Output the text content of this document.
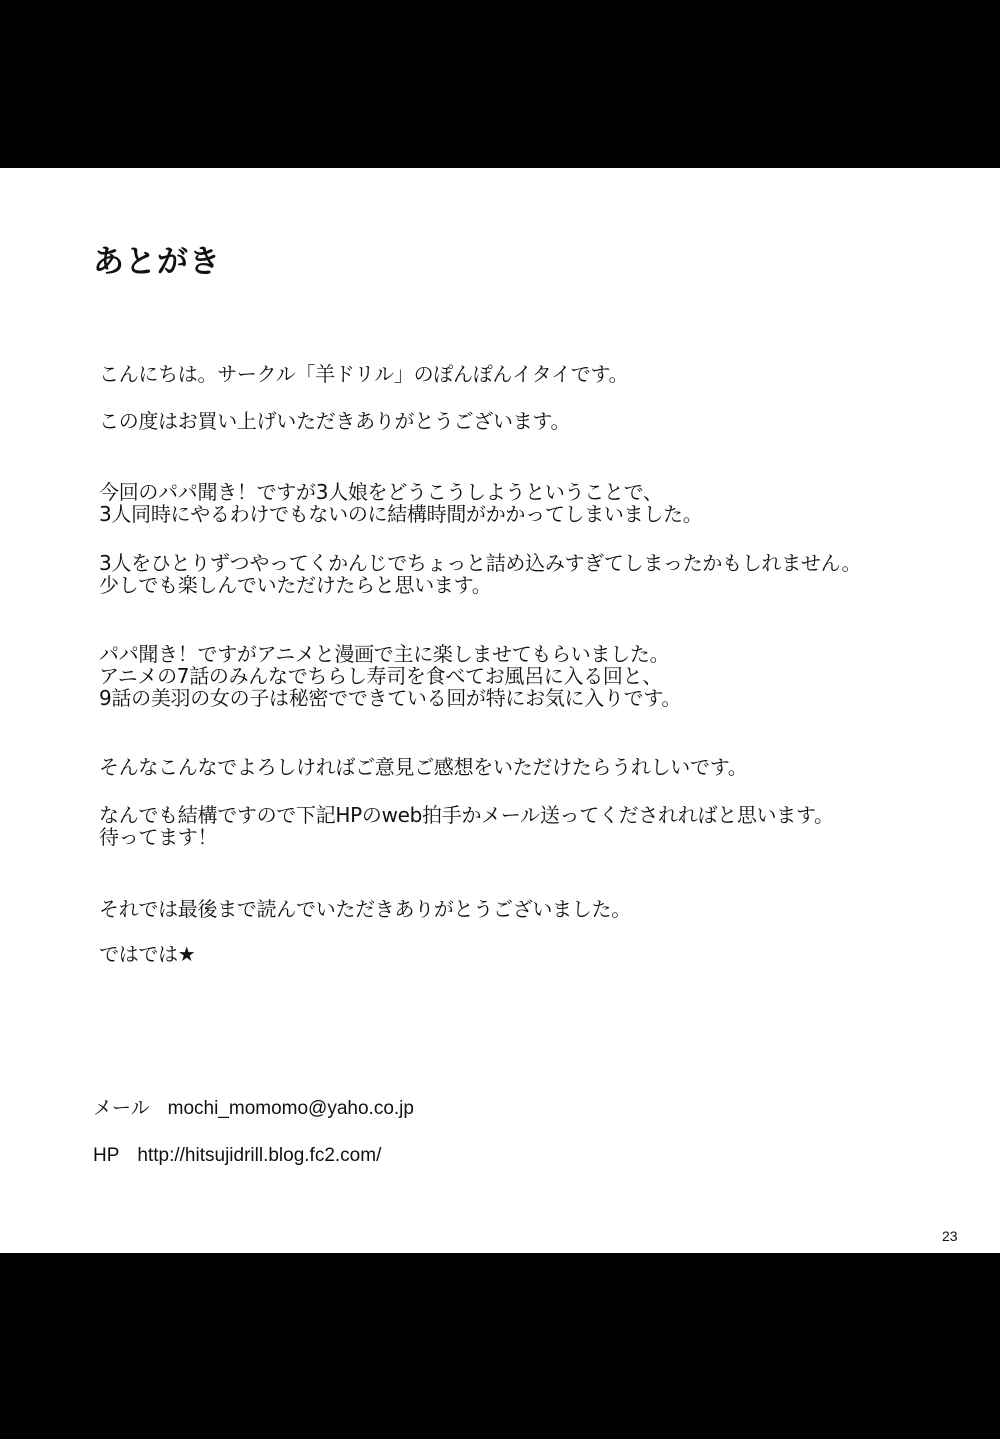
あとがき

こんにちは。サークル「羊ドリル」のぽんぽんイタイです。

この度はお買い上げいただきありがとうございます。

今回のパパ聞き！ですが3人娘をどうこうしようということで、
3人同時にやるわけでもないのに結構時間がかかってしまいました。

3人をひとりずつやってくかんじでちょっと詰め込みすぎてしまったかもしれません。
少しでも楽しんでいただけたらと思います。

パパ聞き！ですがアニメと漫画で主に楽しませてもらいました。
アニメの7話のみんなでちらし寿司を食べてお風呂に入る回と、
9話の美羽の女の子は秘密でできている回が特にお気に入りです。

そんなこんなでよろしければご意見ご感想をいただけたらうれしいです。

なんでも結構ですので下記HPのweb拍手かメール送ってくだされればと思います。
待ってます！

それでは最後まで読んでいただきありがとうございました。

ではでは★

メール mochi_momomo@yaho.co.jp

HP http://hitsujidrill.blog.fc2.com/

23
